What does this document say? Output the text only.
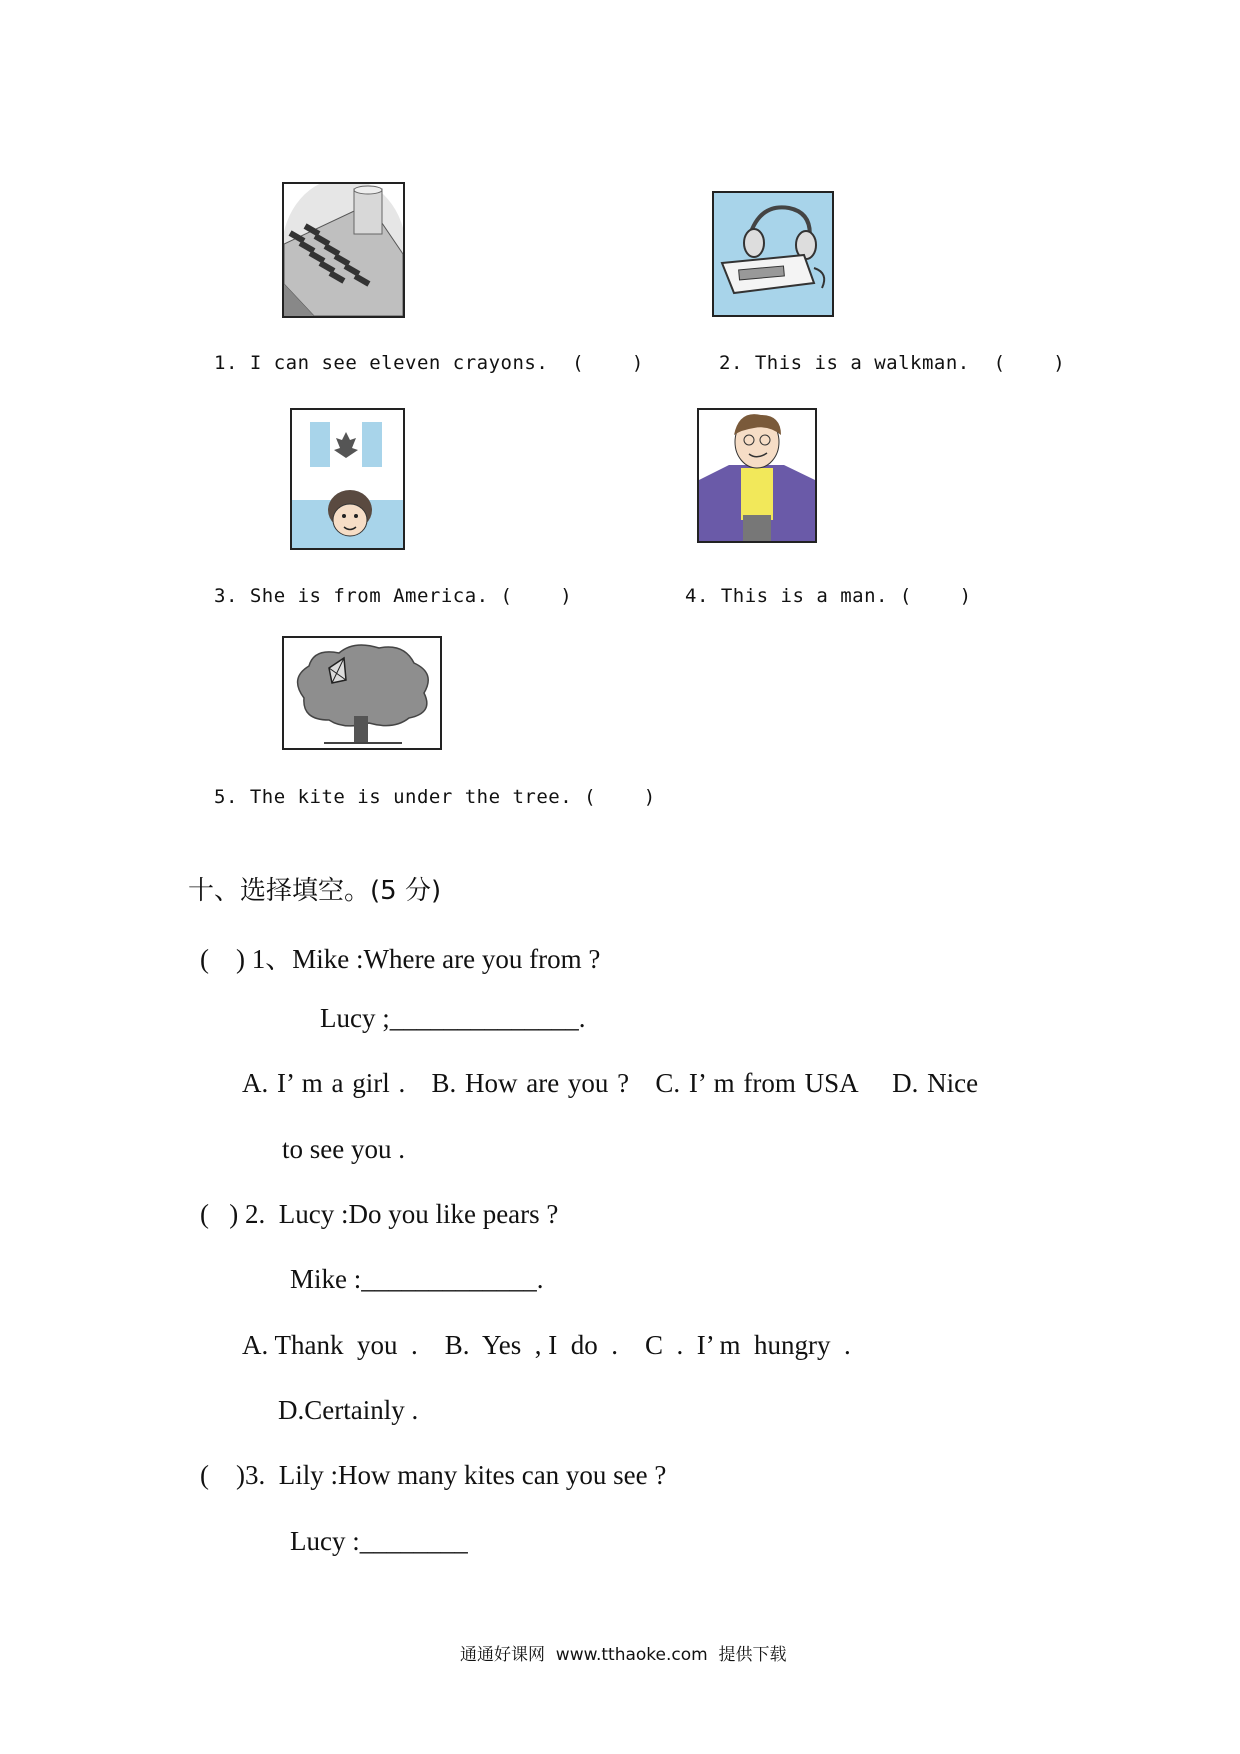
1. I can see eleven crayons.  (    )	2. This is a walkman.  (    )
3. She is from America. (    )	4. This is a man. (    )
5. The kite is under the tree. (    )
十、选择填空。(5 分)
(    ) 1、Mike :Where are you from ?
Lucy ;______________.
A. I’ m a girl .   B. How are you ?   C. I’ m from USA    D. Nice
to see you .
(   ) 2.  Lucy :Do you like pears ?
Mike :_____________.
A. Thank  you  .    B.  Yes  , I  do  .    C  .  I’ m  hungry  .
D.Certainly .
(    )3.  Lily :How many kites can you see ?
Lucy :________
通通好课网  www.tthaoke.com  提供下载
